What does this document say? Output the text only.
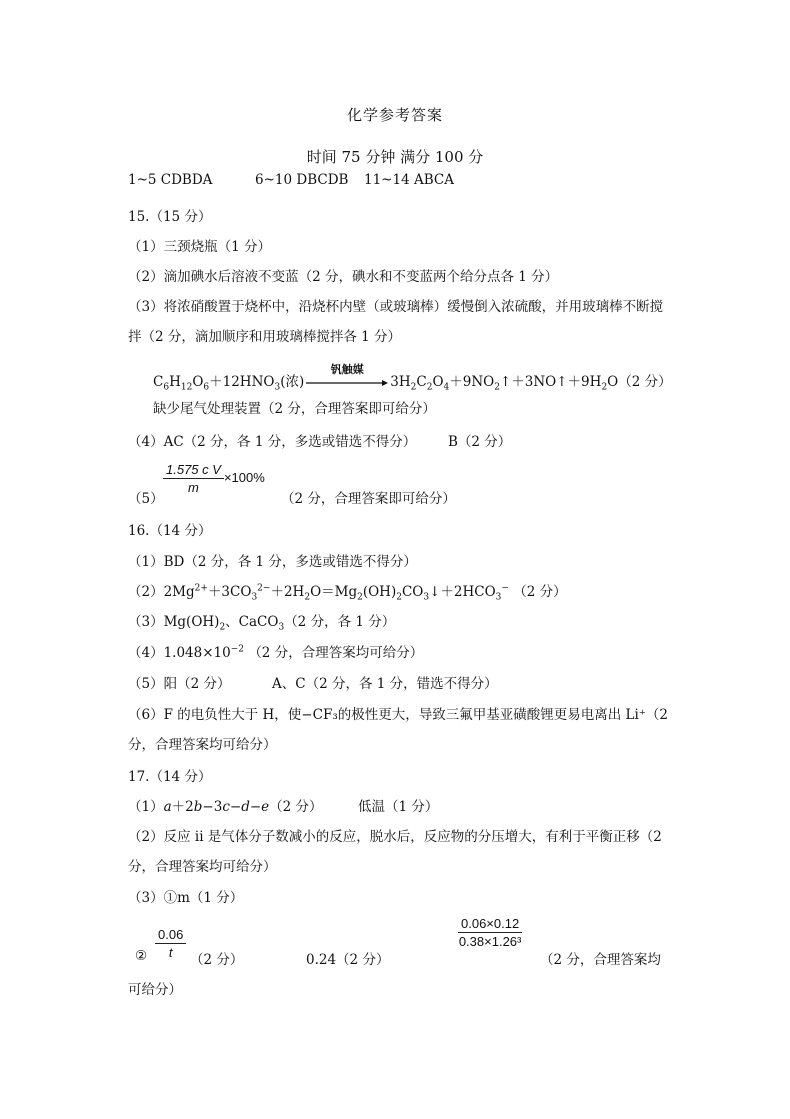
化学参考答案
时间 75 分钟 满分 100 分
1~5 CDBDA	6~10 DBCDB 11~14 ABCA
15.（15 分）
（1）三颈烧瓶（1 分）
（2）滴加碘水后溶液不变蓝（2 分，碘水和不变蓝两个给分点各 1 分）
（3）将浓硝酸置于烧杯中，沿烧杯内壁（或玻璃棒）缓慢倒入浓硫酸，并用玻璃棒不断搅
拌（2 分，滴加顺序和用玻璃棒搅拌各 1 分）
$C_6H_{12}O_6+12HNO_3$(浓)
钒触媒
$3H_2C_2O_4+9NO_2↑+3NO↑+9H_2O(2$ 分）
缺少尾气处理装置（2 分，合理答案即可给分）
（4）AC（2 分，各 1 分，多选或错选不得分） B（2 分）
（5）
$\frac{\text{1.575 c V}}{m} \times 100\%$
（2 分，合理答案即可给分）
16.（14 分）
（1）BD（2 分，各 1 分，多选或错选不得分）
$(2)2Mg^{2+}+3CO_3^{2-}+2H_2O=Mg_2(OH)_2CO_3↓+2HCO_3^-$ （2 分）
$(3)Mg(OH)_2$、CaCO$_3$（2 分，各 1 分）
$(4)1.048\times 10^{-2}$ （2 分，合理答案均可给分）
（5）阳（2 分）	A、C（2 分，各 1 分，错选不得分）
（6）F 的电负性大于 H，使−CF₃的极性更大，导致三氟甲基亚磺酸锂更易电离出 Li⁺（2
分，合理答案均可给分）
17.（14 分）
（1）a＋2b−3c−d−e（2 分）	低温（1 分）
（2）反应 ii 是气体分子数减小的反应，脱水后，反应物的分压增大，有利于平衡正移（2
分，合理答案均可给分）
（3）①m（1 分）
② $\frac{0.06}{t} (2$ 分）	0.24（2 分）
$\frac{0.06\times 0.12}{\text{0.38×1.26³}}$
（2 分，合理答案均
可给分）
